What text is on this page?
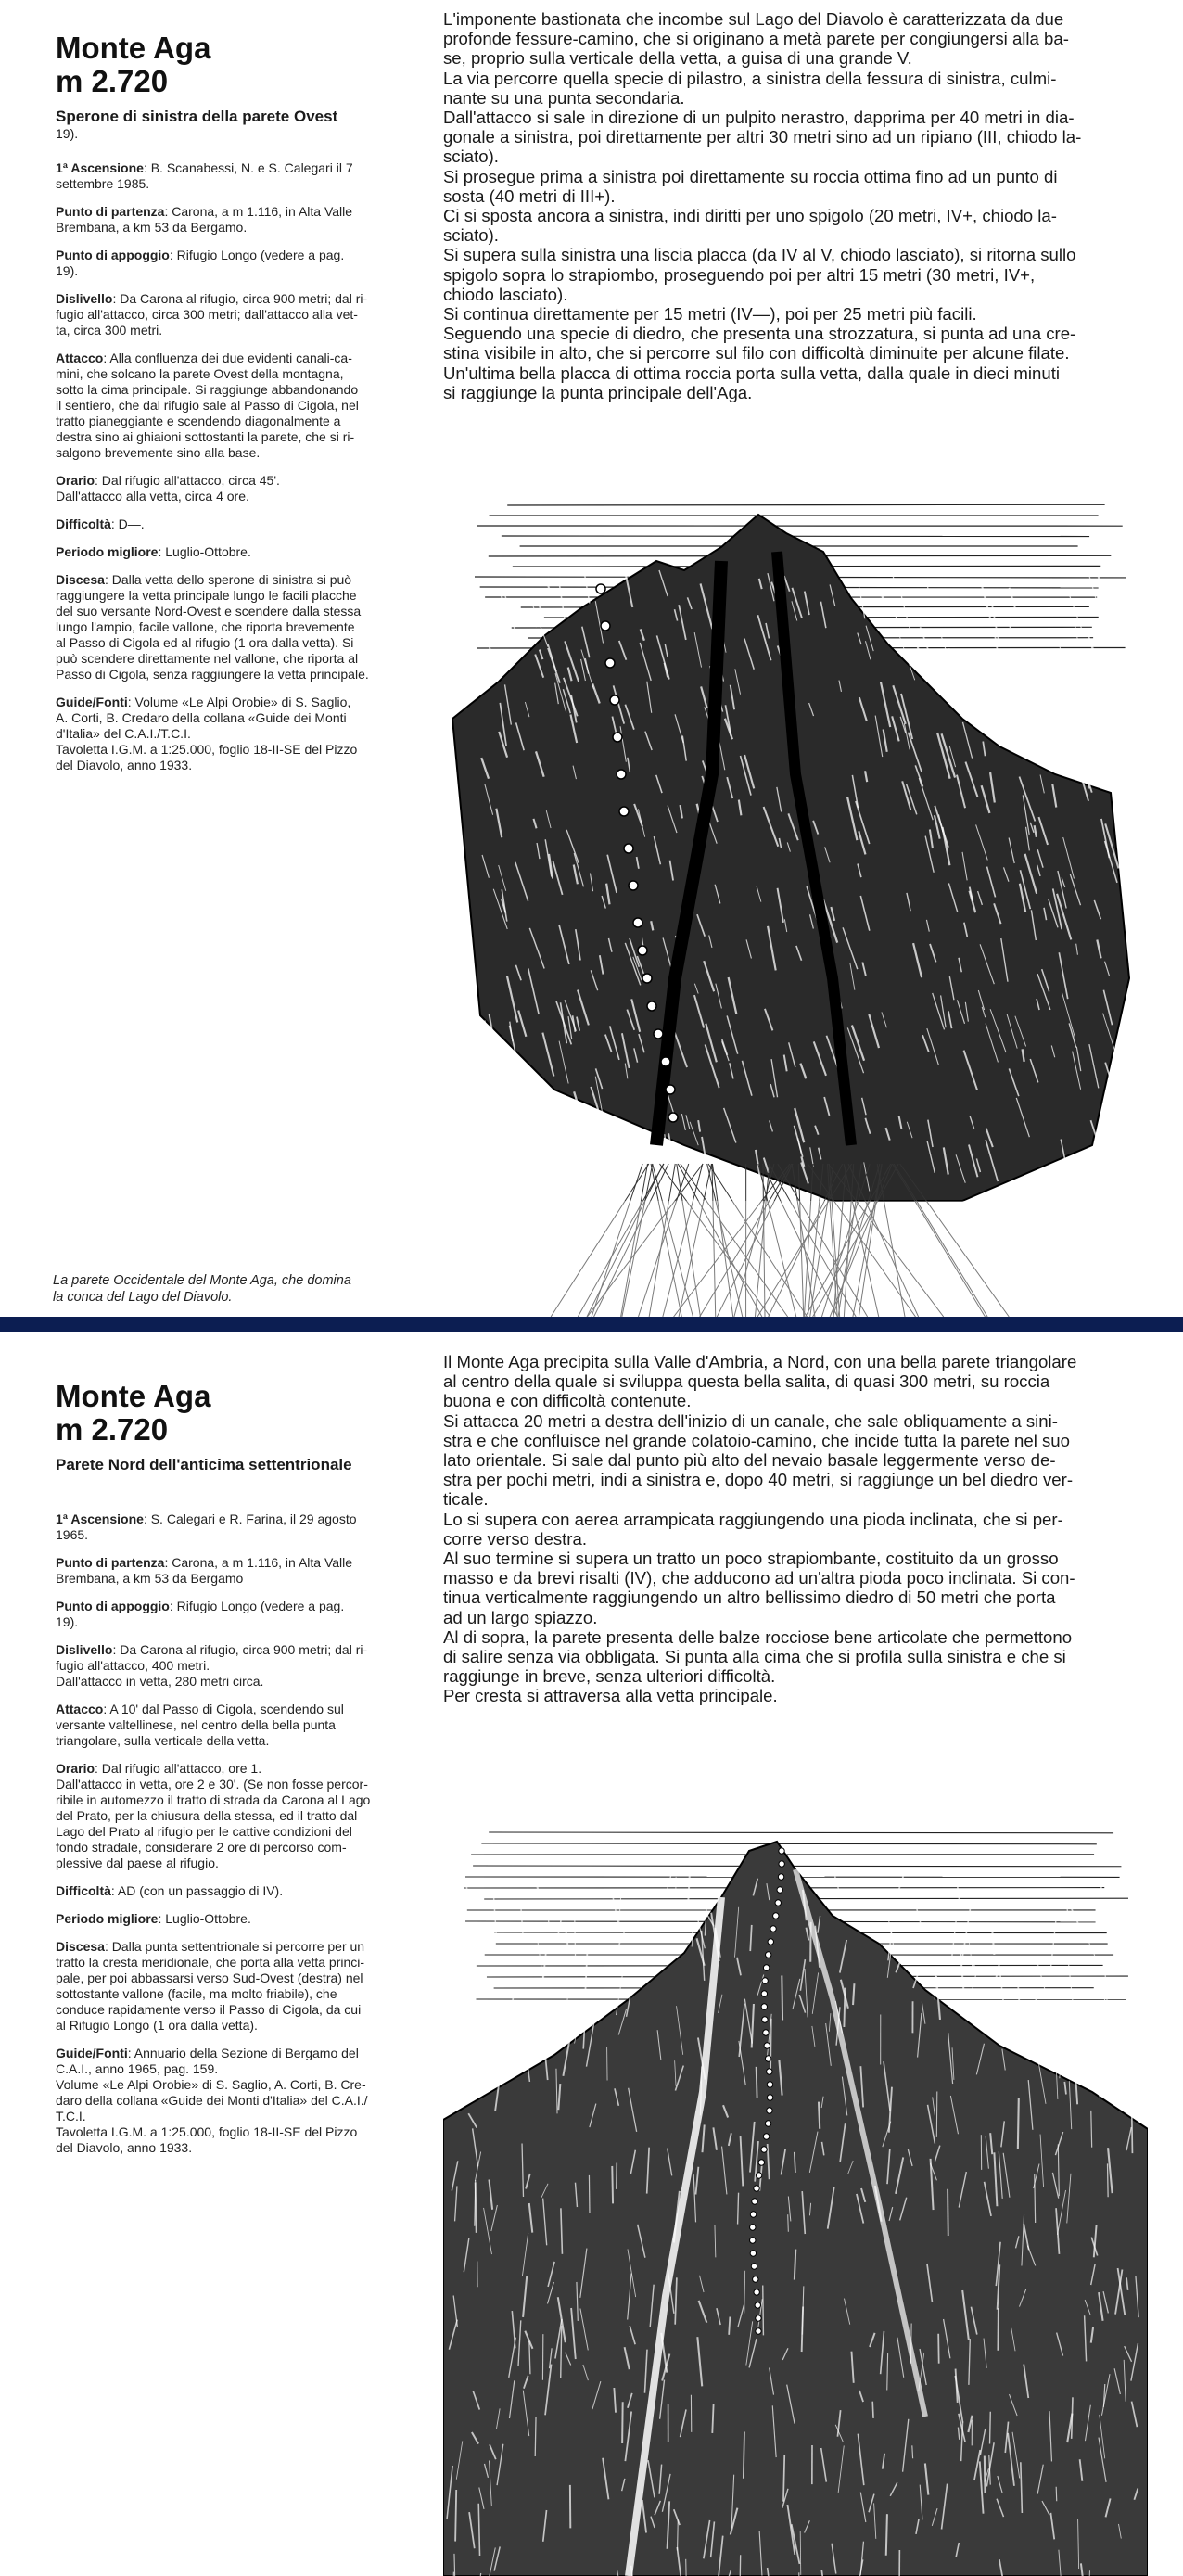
Monte Aga
m 2.720
Sperone di sinistra della parete Ovest
19).
1ª Ascensione: B. Scanabessi, N. e S. Calegari il 7
settembre 1985.
Punto di partenza: Carona, a m 1.116, in Alta Valle
Brembana, a km 53 da Bergamo.
Punto di appoggio: Rifugio Longo (vedere a pag.
19).
Dislivello: Da Carona al rifugio, circa 900 metri; dal ri-
fugio all'attacco, circa 300 metri; dall'attacco alla vet-
ta, circa 300 metri.
Attacco: Alla confluenza dei due evidenti canali-ca-
mini, che solcano la parete Ovest della montagna,
sotto la cima principale. Si raggiunge abbandonando
il sentiero, che dal rifugio sale al Passo di Cigola, nel
tratto pianeggiante e scendendo diagonalmente a
destra sino ai ghiaioni sottostanti la parete, che si ri-
salgono brevemente sino alla base.
Orario: Dal rifugio all'attacco, circa 45'.
Dall'attacco alla vetta, circa 4 ore.
Difficoltà: D—.
Periodo migliore: Luglio-Ottobre.
Discesa: Dalla vetta dello sperone di sinistra si può
raggiungere la vetta principale lungo le facili placche
del suo versante Nord-Ovest e scendere dalla stessa
lungo l'ampio, facile vallone, che riporta brevemente
al Passo di Cigola ed al rifugio (1 ora dalla vetta). Si
può scendere direttamente nel vallone, che riporta al
Passo di Cigola, senza raggiungere la vetta principale.
Guide/Fonti: Volume «Le Alpi Orobie» di S. Saglio,
A. Corti, B. Credaro della collana «Guide dei Monti
d'Italia» del C.A.I./T.C.I.
Tavoletta I.G.M. a 1:25.000, foglio 18-II-SE del Pizzo
del Diavolo, anno 1933.

L'imponente bastionata che incombe sul Lago del Diavolo è caratterizzata da due

profonde fessure-camino, che si originano a metà parete per congiungersi alla ba-

se, proprio sulla verticale della vetta, a guisa di una grande V.

La via percorre quella specie di pilastro, a sinistra della fessura di sinistra, culmi-

nante su una punta secondaria.

Dall'attacco si sale in direzione di un pulpito nerastro, dapprima per 40 metri in dia-

gonale a sinistra, poi direttamente per altri 30 metri sino ad un ripiano (III, chiodo la-

sciato).

Si prosegue prima a sinistra poi direttamente su roccia ottima fino ad un punto di

sosta (40 metri di III+).

Ci si sposta ancora a sinistra, indi diritti per uno spigolo (20 metri, IV+, chiodo la-

sciato).

Si supera sulla sinistra una liscia placca (da IV al V, chiodo lasciato), si ritorna sullo

spigolo sopra lo strapiombo, proseguendo poi per altri 15 metri (30 metri, IV+,

chiodo lasciato).

Si continua direttamente per 15 metri (IV—), poi per 25 metri più facili.

Seguendo una specie di diedro, che presenta una strozzatura, si punta ad una cre-

stina visibile in alto, che si percorre sul filo con difficoltà diminuite per alcune filate.

Un'ultima bella placca di ottima roccia porta sulla vetta, dalla quale in dieci minuti

si raggiunge la punta principale dell'Aga.

La parete Occidentale del Monte Aga, che domina
la conca del Lago del Diavolo.
Monte Aga
m 2.720
Parete Nord dell'anticima settentrionale
1ª Ascensione: S. Calegari e R. Farina, il 29 agosto
1965.
Punto di partenza: Carona, a m 1.116, in Alta Valle
Brembana, a km 53 da Bergamo
Punto di appoggio: Rifugio Longo (vedere a pag.
19).
Dislivello: Da Carona al rifugio, circa 900 metri; dal ri-
fugio all'attacco, 400 metri.
Dall'attacco in vetta, 280 metri circa.
Attacco: A 10' dal Passo di Cigola, scendendo sul
versante valtellinese, nel centro della bella punta
triangolare, sulla verticale della vetta.
Orario: Dal rifugio all'attacco, ore 1.
Dall'attacco in vetta, ore 2 e 30'. (Se non fosse percor-
ribile in automezzo il tratto di strada da Carona al Lago
del Prato, per la chiusura della stessa, ed il tratto dal
Lago del Prato al rifugio per le cattive condizioni del
fondo stradale, considerare 2 ore di percorso com-
plessive dal paese al rifugio.
Difficoltà: AD (con un passaggio di IV).
Periodo migliore: Luglio-Ottobre.
Discesa: Dalla punta settentrionale si percorre per un
tratto la cresta meridionale, che porta alla vetta princi-
pale, per poi abbassarsi verso Sud-Ovest (destra) nel
sottostante vallone (facile, ma molto friabile), che
conduce rapidamente verso il Passo di Cigola, da cui
al Rifugio Longo (1 ora dalla vetta).
Guide/Fonti: Annuario della Sezione di Bergamo del
C.A.I., anno 1965, pag. 159.
Volume «Le Alpi Orobie» di S. Saglio, A. Corti, B. Cre-
daro della collana «Guide dei Monti d'Italia» del C.A.I./
T.C.I.
Tavoletta I.G.M. a 1:25.000, foglio 18-II-SE del Pizzo
del Diavolo, anno 1933.

Il Monte Aga precipita sulla Valle d'Ambria, a Nord, con una bella parete triangolare

al centro della quale si sviluppa questa bella salita, di quasi 300 metri, su roccia

buona e con difficoltà contenute.

Si attacca 20 metri a destra dell'inizio di un canale, che sale obliquamente a sini-

stra e che confluisce nel grande colatoio-camino, che incide tutta la parete nel suo

lato orientale. Si sale dal punto più alto del nevaio basale leggermente verso de-

stra per pochi metri, indi a sinistra e, dopo 40 metri, si raggiunge un bel diedro ver-

ticale.

Lo si supera con aerea arrampicata raggiungendo una pioda inclinata, che si per-

corre verso destra.

Al suo termine si supera un tratto un poco strapiombante, costituito da un grosso

masso e da brevi risalti (IV), che adducono ad un'altra pioda poco inclinata. Si con-

tinua verticalmente raggiungendo un altro bellissimo diedro di 50 metri che porta

ad un largo spiazzo.

Al di sopra, la parete presenta delle balze rocciose bene articolate che permettono

di salire senza via obbligata. Si punta alla cima che si profila sulla sinistra e che si

raggiunge in breve, senza ulteriori difficoltà.

Per cresta si attraversa alla vetta principale.
